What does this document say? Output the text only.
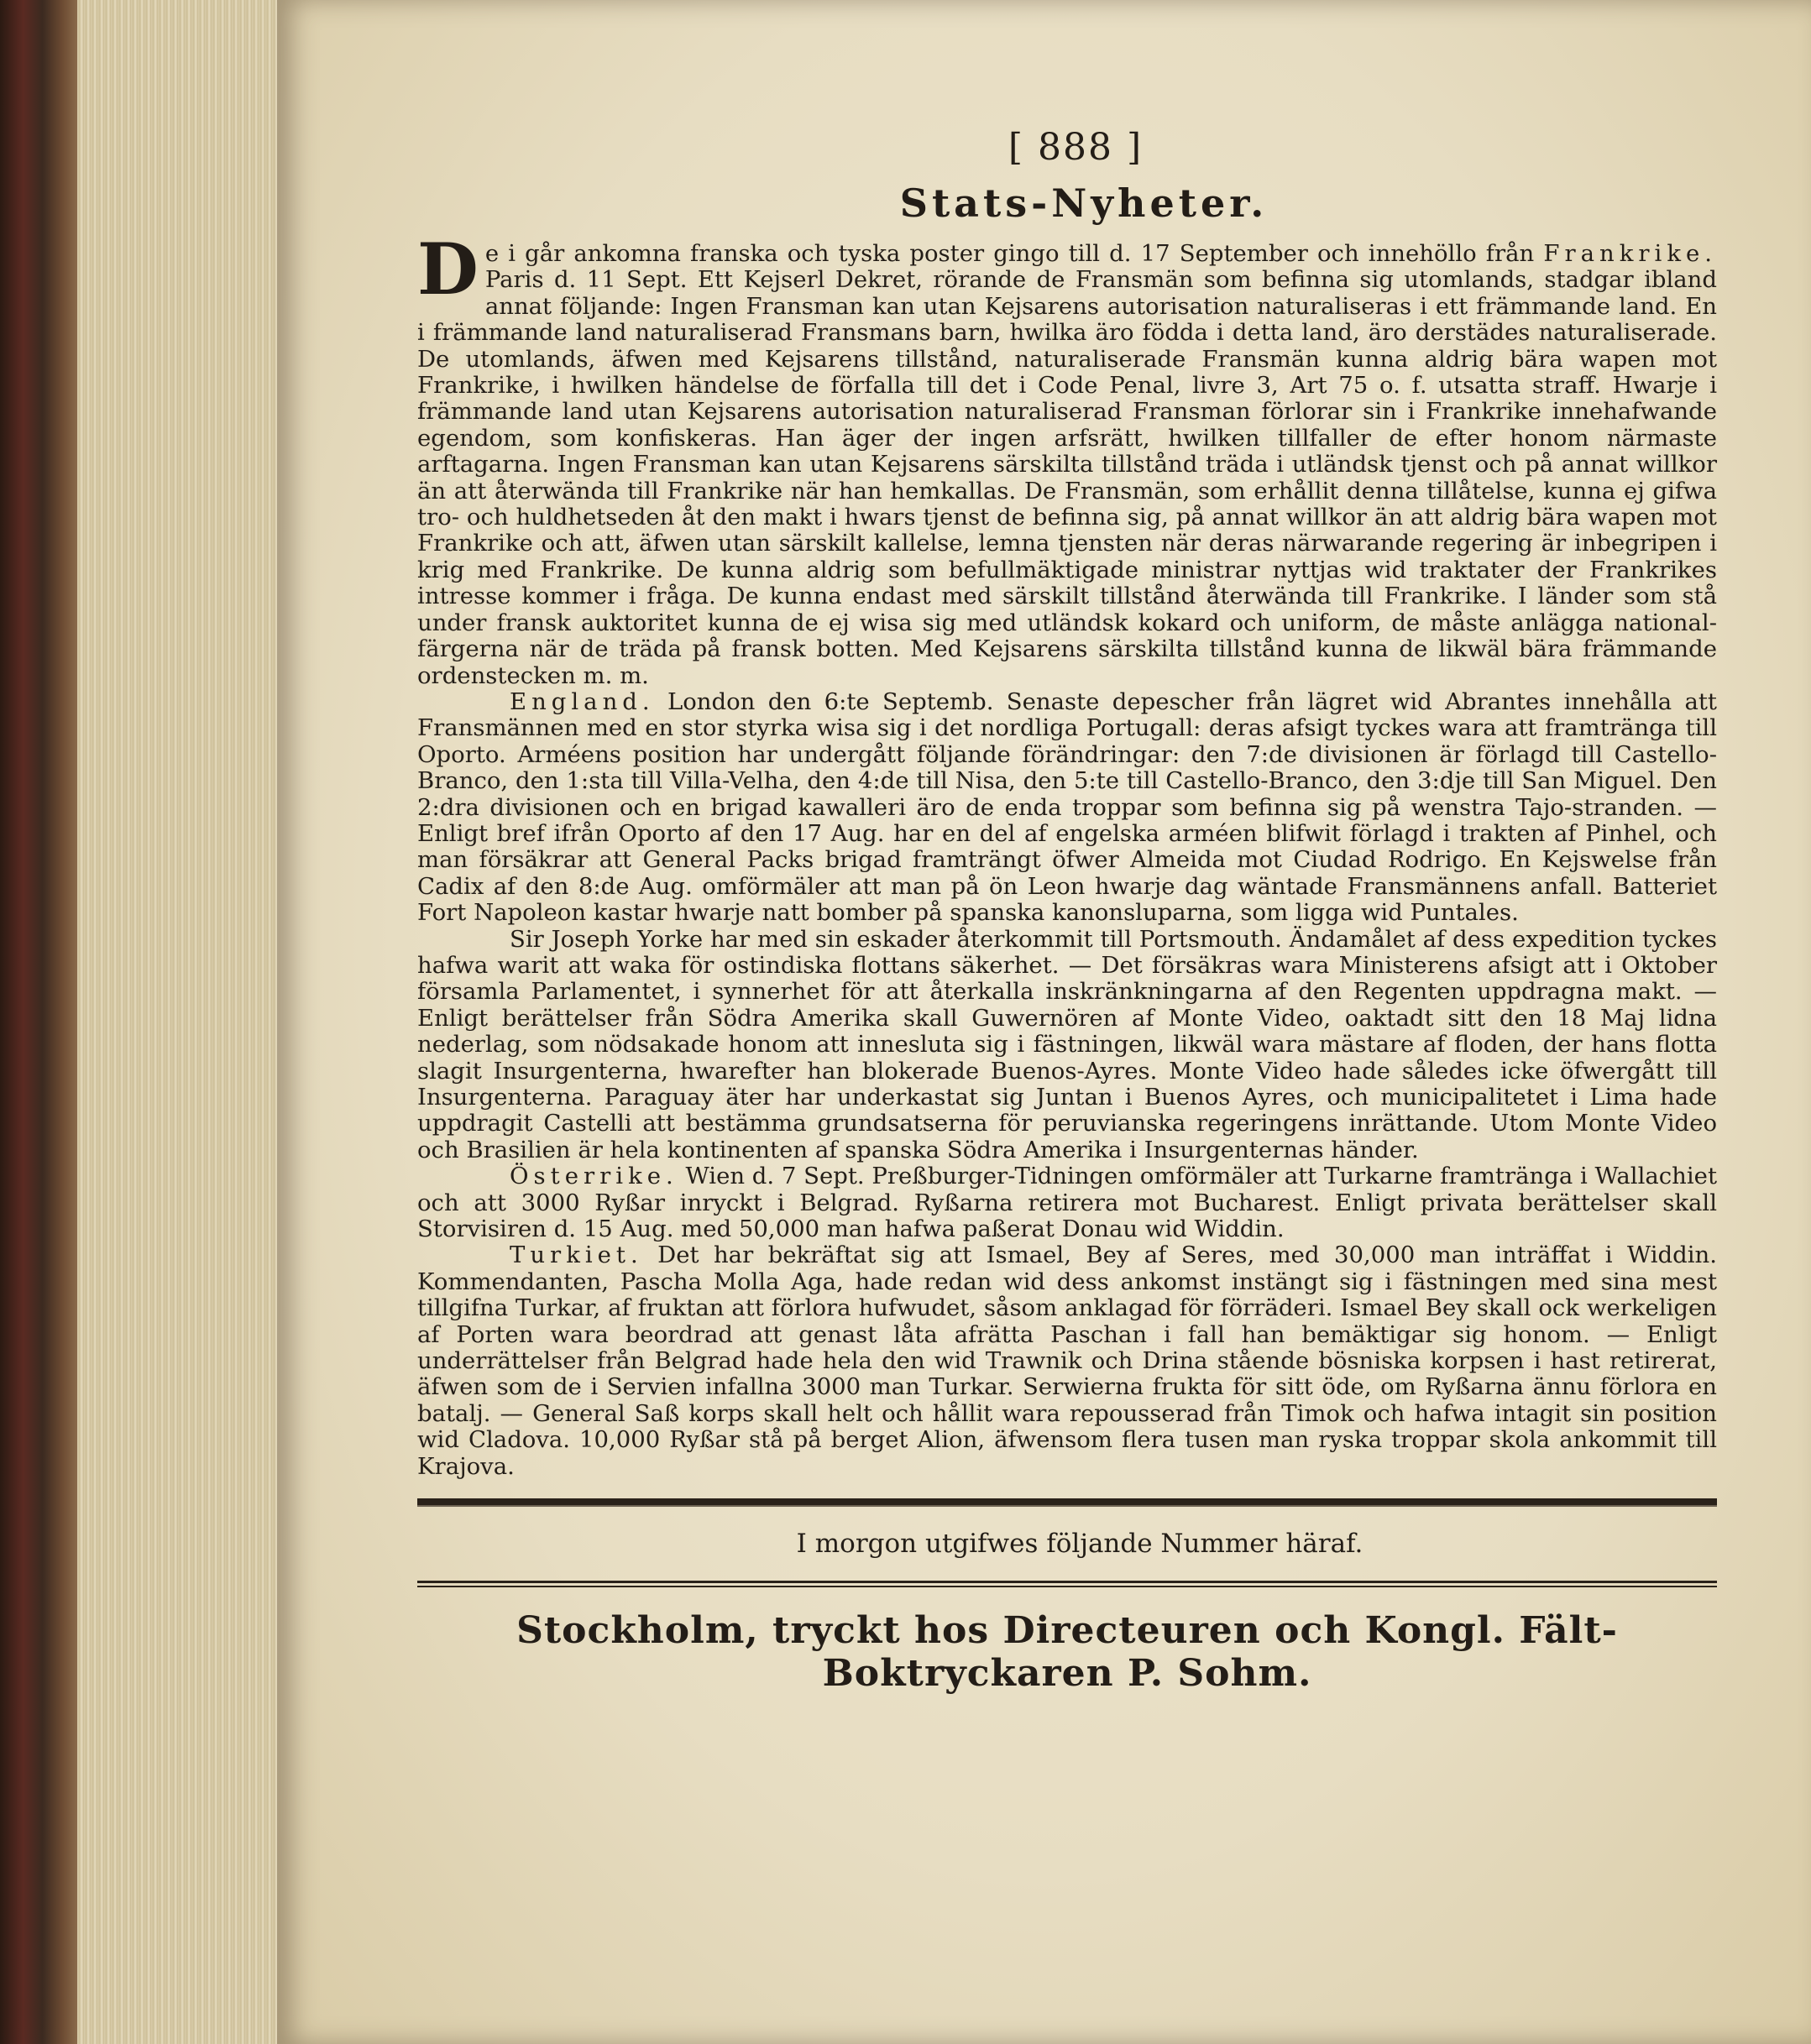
[ 888 ]
Stats-Nyheter.

D e i går ankomna franska och tyska poster gingo till d. 17 September och innehöllo från Frankrike. Paris d. 11 Sept. Ett Kejserl Dekret, rörande de Fransmän som befinna sig utomlands, stadgar ibland annat följande: Ingen Fransman kan utan Kejsarens autorisation naturaliseras i ett främmande land. En i främmande land naturaliserad Fransmans barn, hwilka äro födda i detta land, äro derstädes naturaliserade. De utomlands, äfwen med Kejsarens tillstånd, naturaliserade Fransmän kunna aldrig bära wapen mot Frankrike, i hwilken händelse de förfalla till det i Code Penal, livre 3, Art 75 o. f. utsatta straff. Hwarje i främmande land utan Kejsarens autorisation naturaliserad Fransman förlorar sin i Frankrike innehafwande egendom, som konfiskeras. Han äger der ingen arfsrätt, hwilken tillfaller de efter honom närmaste arftagarna. Ingen Fransman kan utan Kejsarens särskilta tillstånd träda i utländsk tjenst och på annat willkor än att återwända till Frankrike när han hemkallas. De Fransmän, som erhållit denna tillåtelse, kunna ej gifwa tro- och huldhetseden åt den makt i hwars tjenst de befinna sig, på annat willkor än att aldrig bära wapen mot Frankrike och att, äfwen utan särskilt kallelse, lemna tjensten när deras närwarande regering är inbegripen i krig med Frankrike. De kunna aldrig som befullmäktigade ministrar nyttjas wid traktater der Frankrikes intresse kommer i fråga. De kunna endast med särskilt tillstånd återwända till Frankrike. I länder som stå under fransk auktoritet kunna de ej wisa sig med utländsk kokard och uniform, de måste anlägga national-färgerna när de träda på fransk botten. Med Kejsarens särskilta tillstånd kunna de likwäl bära främmande ordenstecken m. m.

England. London den 6:te Septemb. Senaste depescher från lägret wid Abrantes innehålla att Fransmännen med en stor styrka wisa sig i det nordliga Portugall: deras afsigt tyckes wara att framtränga till Oporto. Arméens position har undergått följande förändringar: den 7:de divisionen är förlagd till Castello-Branco, den 1:sta till Villa-Velha, den 4:de till Nisa, den 5:te till Castello-Branco, den 3:dje till San Miguel. Den 2:dra divisionen och en brigad kawalleri äro de enda troppar som befinna sig på wenstra Tajo-stranden. — Enligt bref ifrån Oporto af den 17 Aug. har en del af engelska arméen blifwit förlagd i trakten af Pinhel, och man försäkrar att General Packs brigad framträngt öfwer Almeida mot Ciudad Rodrigo. En Kejswelse från Cadix af den 8:de Aug. omförmäler att man på ön Leon hwarje dag wäntade Fransmännens anfall. Batteriet Fort Napoleon kastar hwarje natt bomber på spanska kanonsluparna, som ligga wid Puntales.

Sir Joseph Yorke har med sin eskader återkommit till Portsmouth. Ändamålet af dess expedition tyckes hafwa warit att waka för ostindiska flottans säkerhet. — Det försäkras wara Ministerens afsigt att i Oktober församla Parlamentet, i synnerhet för att återkalla inskränkningarna af den Regenten uppdragna makt. — Enligt berättelser från Södra Amerika skall Guwernören af Monte Video, oaktadt sitt den 18 Maj lidna nederlag, som nödsakade honom att innesluta sig i fästningen, likwäl wara mästare af floden, der hans flotta slagit Insurgenterna, hwarefter han blokerade Buenos-Ayres. Monte Video hade således icke öfwergått till Insurgenterna. Paraguay äter har underkastat sig Juntan i Buenos Ayres, och municipalitetet i Lima hade uppdragit Castelli att bestämma grundsatserna för peruvianska regeringens inrättande. Utom Monte Video och Brasilien är hela kontinenten af spanska Södra Amerika i Insurgenternas händer.

Österrike. Wien d. 7 Sept. Preßburger-Tidningen omförmäler att Turkarne framtränga i Wallachiet och att 3000 Ryßar inryckt i Belgrad. Ryßarna retirera mot Bucharest. Enligt privata berättelser skall Storvisiren d. 15 Aug. med 50,000 man hafwa paßerat Donau wid Widdin.

Turkiet. Det har bekräftat sig att Ismael, Bey af Seres, med 30,000 man inträffat i Widdin. Kommendanten, Pascha Molla Aga, hade redan wid dess ankomst instängt sig i fästningen med sina mest tillgifna Turkar, af fruktan att förlora hufwudet, såsom anklagad för förräderi. Ismael Bey skall ock werkeligen af Porten wara beordrad att genast låta afrätta Paschan i fall han bemäktigar sig honom. — Enligt underrättelser från Belgrad hade hela den wid Trawnik och Drina stående bösniska korpsen i hast retirerat, äfwen som de i Servien infallna 3000 man Turkar. Serwierna frukta för sitt öde, om Ryßarna ännu förlora en batalj. — General Saß korps skall helt och hållit wara repousserad från Timok och hafwa intagit sin position wid Cladova. 10,000 Ryßar stå på berget Alion, äfwensom flera tusen man ryska troppar skola ankommit till Krajova.

I morgon utgifwes följande Nummer häraf.
Stockholm, tryckt hos Directeuren och Kongl. Fält-Boktryckaren P. Sohm.
